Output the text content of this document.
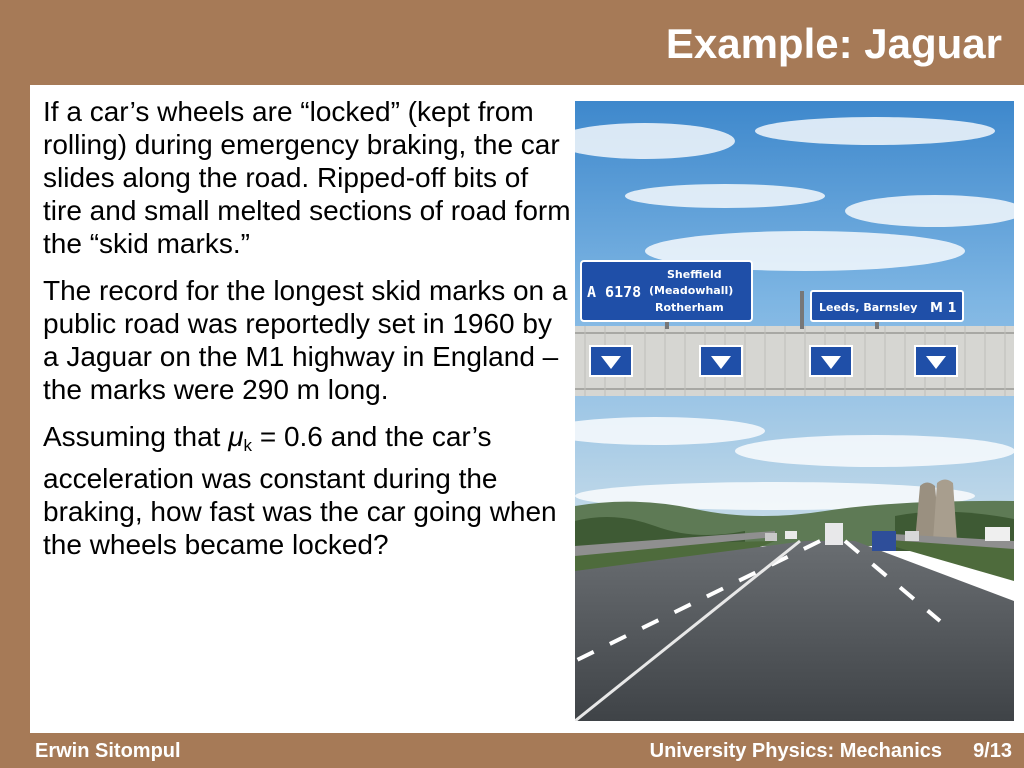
Example: Jaguar

If a car’s wheels are “locked” (kept from rolling) during emergency braking, the car slides along the road. Ripped-off bits of tire and small melted sections of road form the “skid marks.”

The record for the longest skid marks on a public road was reportedly set in 1960 by a Jaguar on the M1 highway in England – the marks were 290 m long.

Assuming that $\mu_k = 0.6$ and the car’s acceleration was constant during the braking, how fast was the car going when the wheels became locked?

A 6178
Sheffield
(Meadowhall)
Rotherham	Leeds, Barnsley M 1
Erwin Sitompul	University Physics: Mechanics 9/13
